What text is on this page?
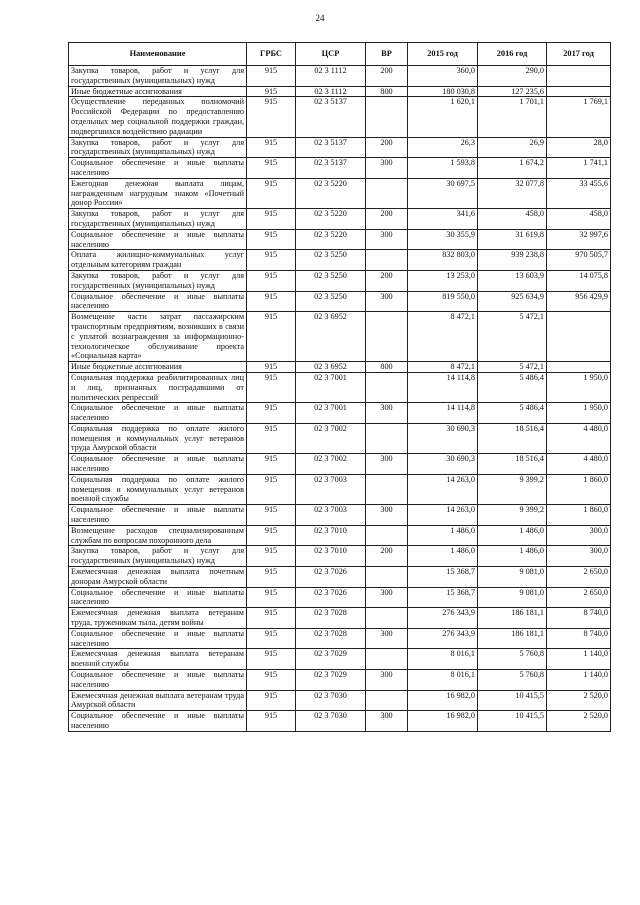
24
Наименование	ГРБС	ЦСР	ВР	2015 год	2016 год	2017 год
Закупка товаров, работ и услуг для государственных (муниципальных) нужд	915	02 3 1112	200	360,0	290,0	
Иные бюджетные ассигнования	915	02 3 1112	800	180 030,8	127 235,6	
Осуществление переданных полномочий Российской Федерации по предоставлению отдельных мер социальной поддержки граждан, подвергшихся воздействию радиации	915	02 3 5137		1 620,1	1 701,1	1 769,1
Закупка товаров, работ и услуг для государственных (муниципальных) нужд	915	02 3 5137	200	26,3	26,9	28,0
Социальное обеспечение и иные выплаты населению	915	02 3 5137	300	1 593,8	1 674,2	1 741,1
Ежегодная денежная выплата лицам, награжденным нагрудным знаком «Почетный донор России»	915	02 3 5220		30 697,5	32 077,8	33 455,6
Закупка товаров, работ и услуг для государственных (муниципальных) нужд	915	02 3 5220	200	341,6	458,0	458,0
Социальное обеспечение и иные выплаты населению	915	02 3 5220	300	30 355,9	31 619,8	32 997,6
Оплата жилищно-коммунальных услуг отдельным категориям граждан	915	02 3 5250		832 803,0	939 238,8	970 505,7
Закупка товаров, работ и услуг для государственных (муниципальных) нужд	915	02 3 5250	200	13 253,0	13 603,9	14 075,8
Социальное обеспечение и иные выплаты населению	915	02 3 5250	300	819 550,0	925 634,9	956 429,9
Возмещение части затрат пассажирским транспортным предприятиям, возникших в связи с уплатой вознаграждения за информационно-технологическое обслуживание проекта «Социальная карта»	915	02 3 6952		8 472,1	5 472,1	
Иные бюджетные ассигнования	915	02 3 6952	800	8 472,1	5 472,1	
Социальная поддержка реабилитированных лиц и лиц, признанных пострадавшими от политических репрессий	915	02 3 7001		14 114,8	5 486,4	1 950,0
Социальное обеспечение и иные выплаты населению	915	02 3 7001	300	14 114,8	5 486,4	1 950,0
Социальная поддержка по оплате жилого помещения и коммунальных услуг ветеранов труда Амурской области	915	02 3 7002		30 690,3	18 516,4	4 480,0
Социальное обеспечение и иные выплаты населению	915	02 3 7002	300	30 690,3	18 516,4	4 480,0
Социальная поддержка по оплате жилого помещения и коммунальных услуг ветеранов военной службы	915	02 3 7003		14 263,0	9 399,2	1 860,0
Социальное обеспечение и иные выплаты населению	915	02 3 7003	300	14 263,0	9 399,2	1 860,0
Возмещение расходов специализированным службам по вопросам похоронного дела	915	02 3 7010		1 486,0	1 486,0	300,0
Закупка товаров, работ и услуг для государственных (муниципальных) нужд	915	02 3 7010	200	1 486,0	1 486,0	300,0
Ежемесячная денежная выплата почетным донорам Амурской области	915	02 3 7026		15 368,7	9 081,0	2 650,0
Социальное обеспечение и иные выплаты населению	915	02 3 7026	300	15 368,7	9 081,0	2 650,0
Ежемесячная денежная выплата ветеранам труда, труженикам тыла, детям войны	915	02 3 7028		276 343,9	186 181,1	8 740,0
Социальное обеспечение и иные выплаты населению	915	02 3 7028	300	276 343,9	186 181,1	8 740,0
Ежемесячная денежная выплата ветеранам военной службы	915	02 3 7029		8 016,1	5 760,8	1 140,0
Социальное обеспечение и иные выплаты населению	915	02 3 7029	300	8 016,1	5 760,8	1 140,0
Ежемесячная денежная выплата ветеранам труда Амурской области	915	02 3 7030		16 982,0	10 415,5	2 520,0
Социальное обеспечение и иные выплаты населению	915	02 3 7030	300	16 982,0	10 415,5	2 520,0
